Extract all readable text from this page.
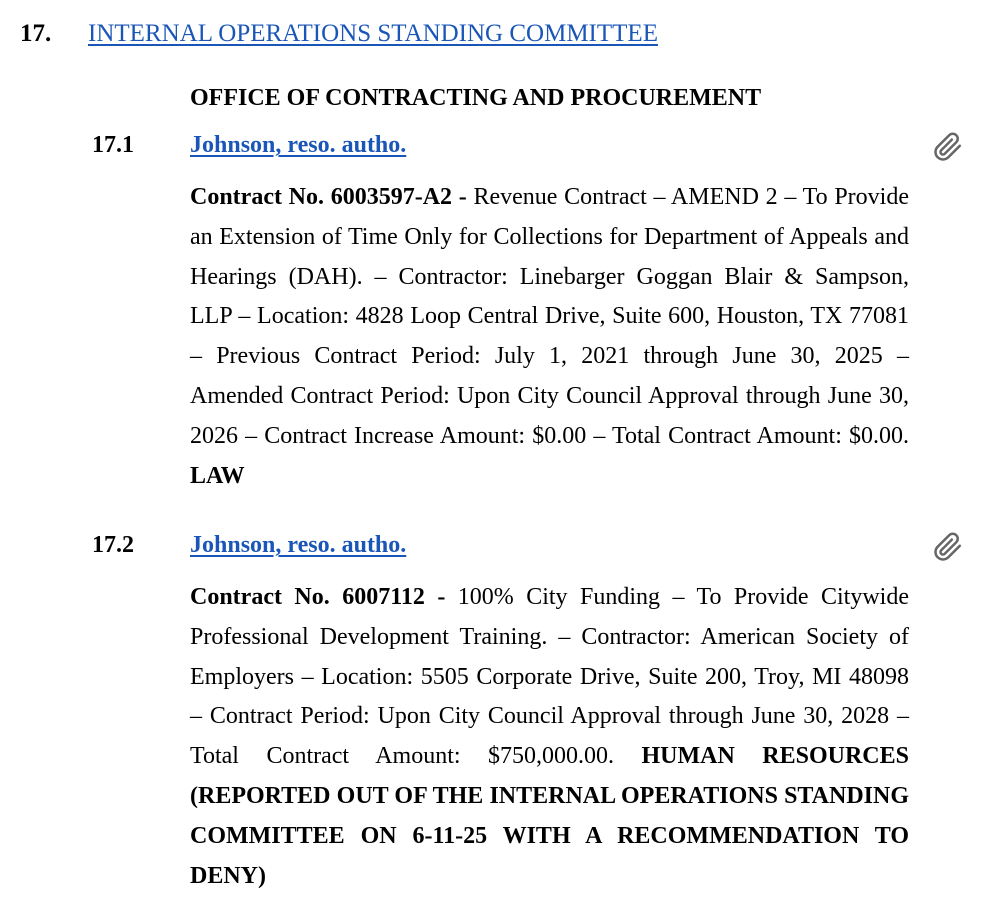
17. INTERNAL OPERATIONS STANDING COMMITTEE
OFFICE OF CONTRACTING AND PROCUREMENT
17.1 Johnson, reso. autho.
Contract No. 6003597-A2 - Revenue Contract – AMEND 2 – To Provide an Extension of Time Only for Collections for Department of Appeals and Hearings (DAH). – Contractor: Linebarger Goggan Blair & Sampson, LLP – Location: 4828 Loop Central Drive, Suite 600, Houston, TX 77081 – Previous Contract Period: July 1, 2021 through June 30, 2025 – Amended Contract Period: Upon City Council Approval through June 30, 2026 – Contract Increase Amount: $0.00 – Total Contract Amount: $0.00. LAW
17.2 Johnson, reso. autho.
Contract No. 6007112 - 100% City Funding – To Provide Citywide Professional Development Training. – Contractor: American Society of Employers – Location: 5505 Corporate Drive, Suite 200, Troy, MI 48098 – Contract Period: Upon City Council Approval through June 30, 2028 – Total Contract Amount: $750,000.00. HUMAN RESOURCES (REPORTED OUT OF THE INTERNAL OPERATIONS STANDING COMMITTEE ON 6-11-25 WITH A RECOMMENDATION TO DENY)
